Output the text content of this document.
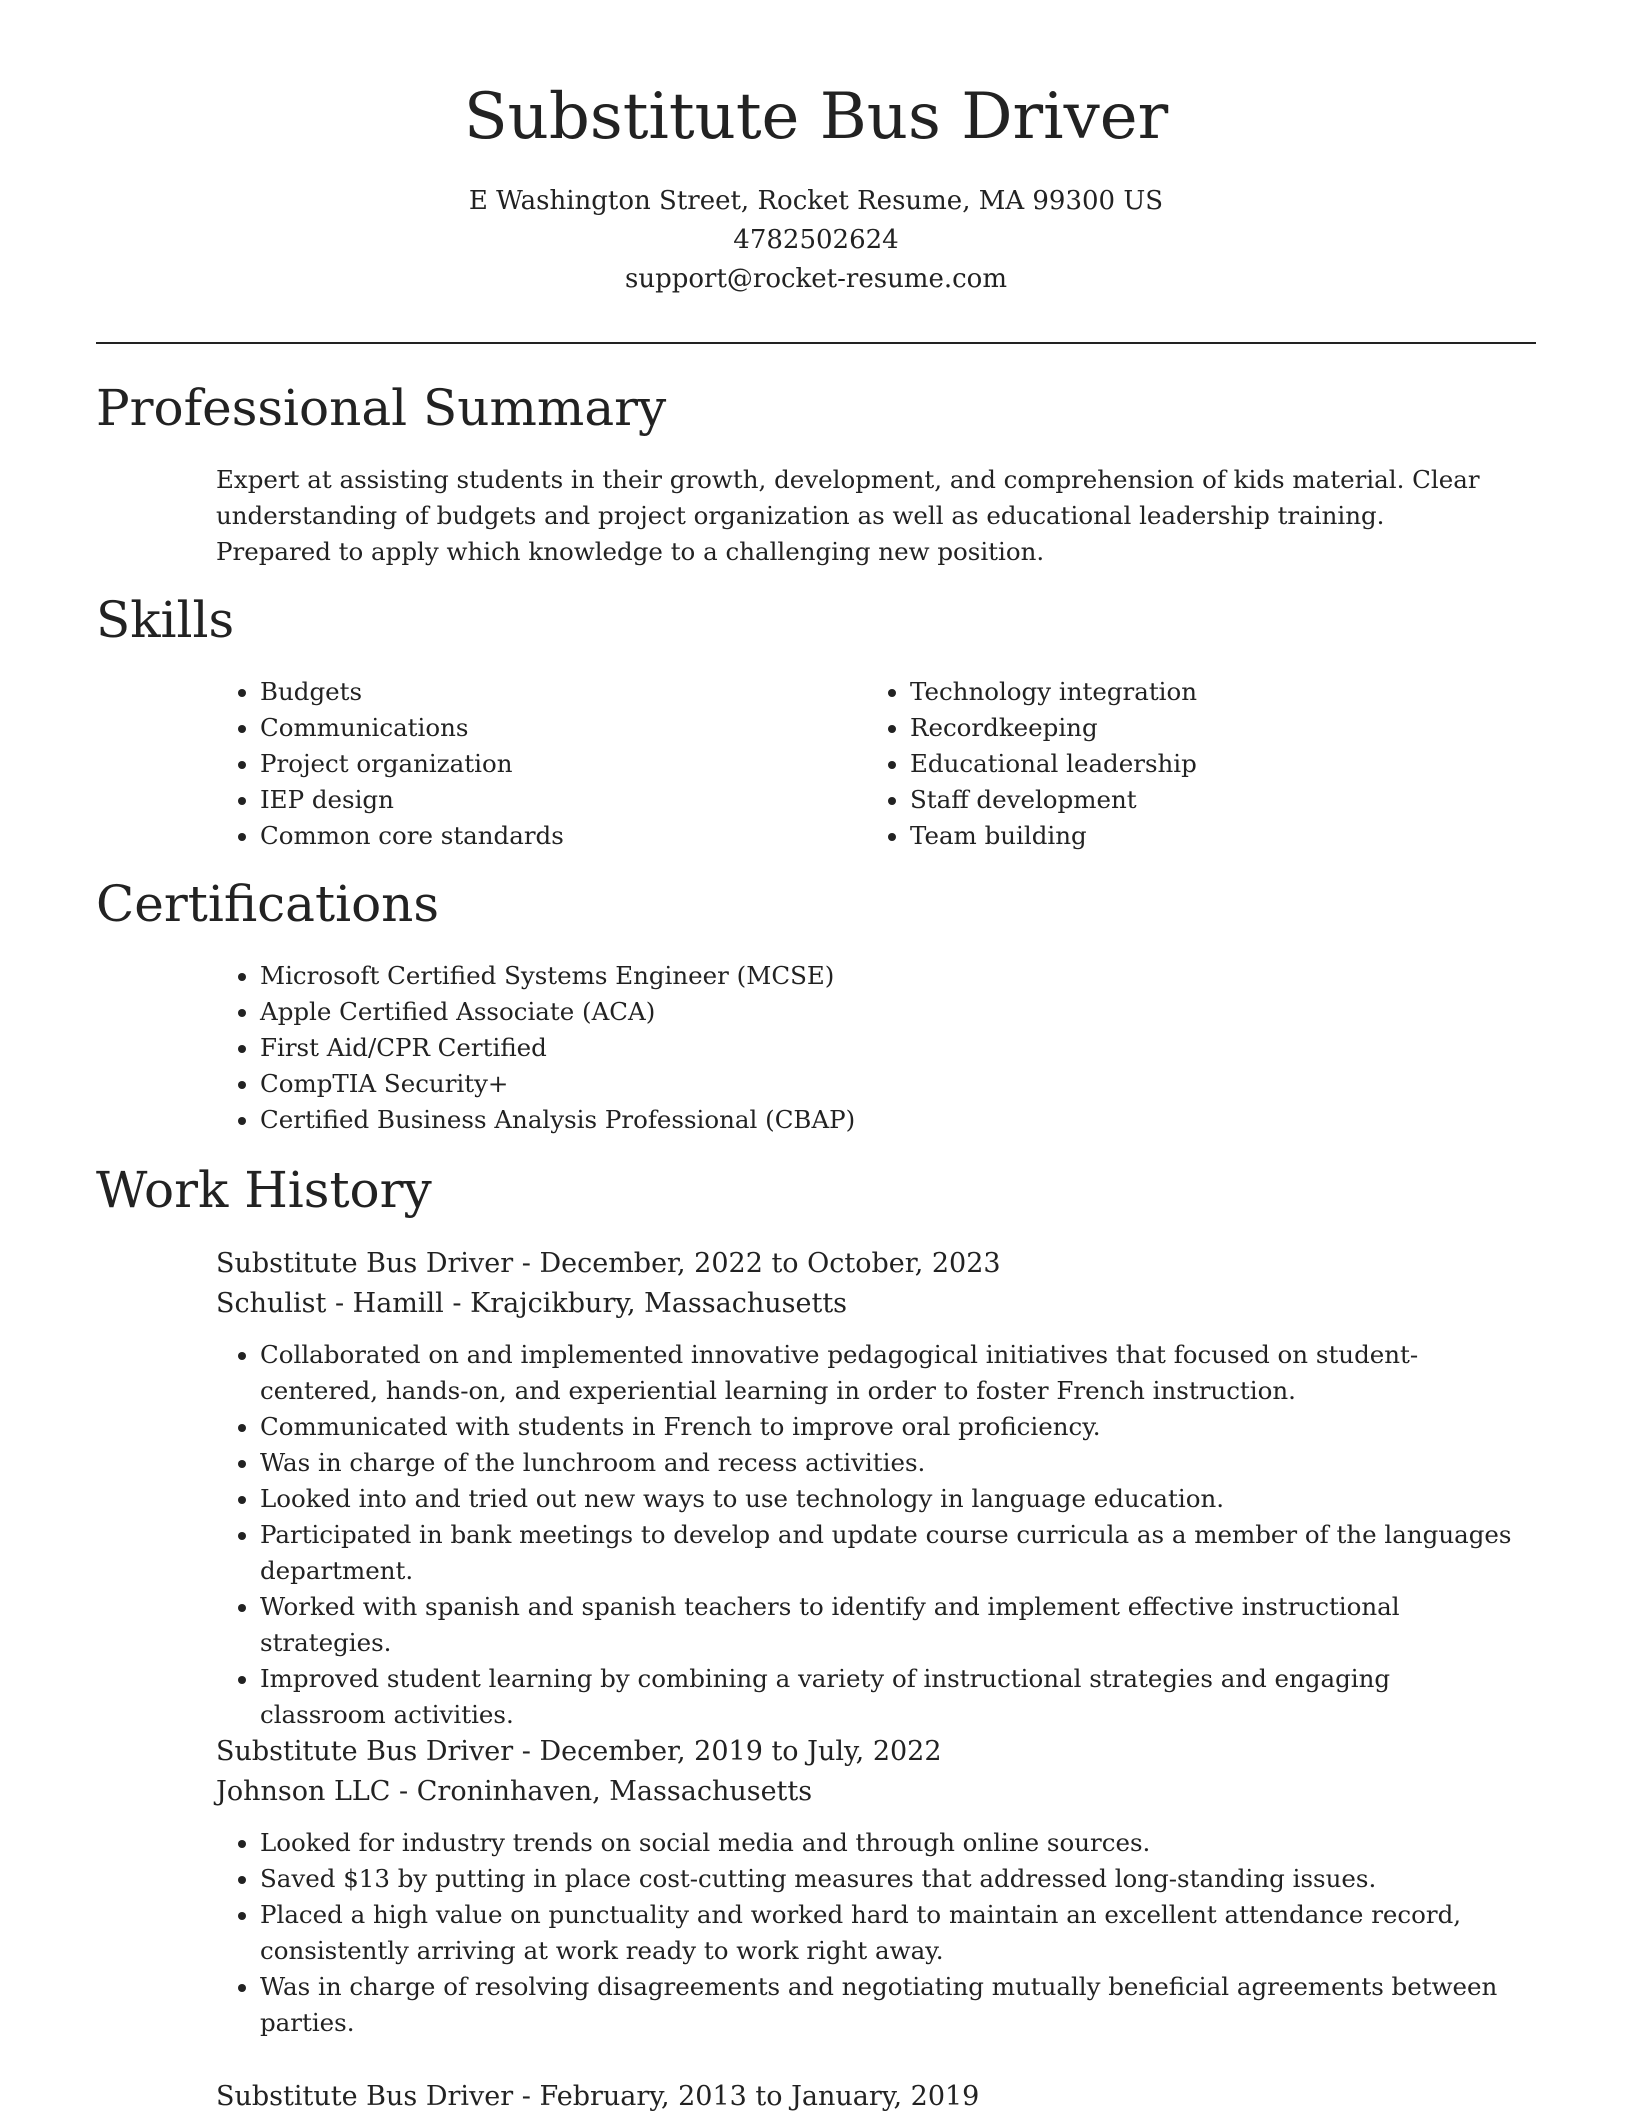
Substitute Bus Driver
E Washington Street, Rocket Resume, MA 99300 US
4782502624
support@rocket-resume.com
Professional Summary

Expert at assisting students in their growth, development, and comprehension of kids material. Clear understanding of budgets and project organization as well as educational leadership training. Prepared to apply which knowledge to a challenging new position.

Skills
• Budgets
• Communications
• Project organization
• IEP design
• Common core standards
• Technology integration
• Recordkeeping
• Educational leadership
• Staff development
• Team building
Certifications
• Microsoft Certified Systems Engineer (MCSE)
• Apple Certified Associate (ACA)
• First Aid/CPR Certified
• CompTIA Security+
• Certified Business Analysis Professional (CBAP)
Work History

Substitute Bus Driver - December, 2022 to October, 2023

Schulist - Hamill - Krajcikbury, Massachusetts

• Collaborated on and implemented innovative pedagogical initiatives that focused on student-centered, hands-on, and experiential learning in order to foster French instruction.
• Communicated with students in French to improve oral proficiency.
• Was in charge of the lunchroom and recess activities.
• Looked into and tried out new ways to use technology in language education.
• Participated in bank meetings to develop and update course curricula as a member of the languages department.
• Worked with spanish and spanish teachers to identify and implement effective instructional strategies.
• Improved student learning by combining a variety of instructional strategies and engaging classroom activities.

Substitute Bus Driver - December, 2019 to July, 2022

Johnson LLC - Croninhaven, Massachusetts

• Looked for industry trends on social media and through online sources.
• Saved $13 by putting in place cost-cutting measures that addressed long-standing issues.
• Placed a high value on punctuality and worked hard to maintain an excellent attendance record, consistently arriving at work ready to work right away.
• Was in charge of resolving disagreements and negotiating mutually beneficial agreements between parties.

Substitute Bus Driver - February, 2013 to January, 2019
